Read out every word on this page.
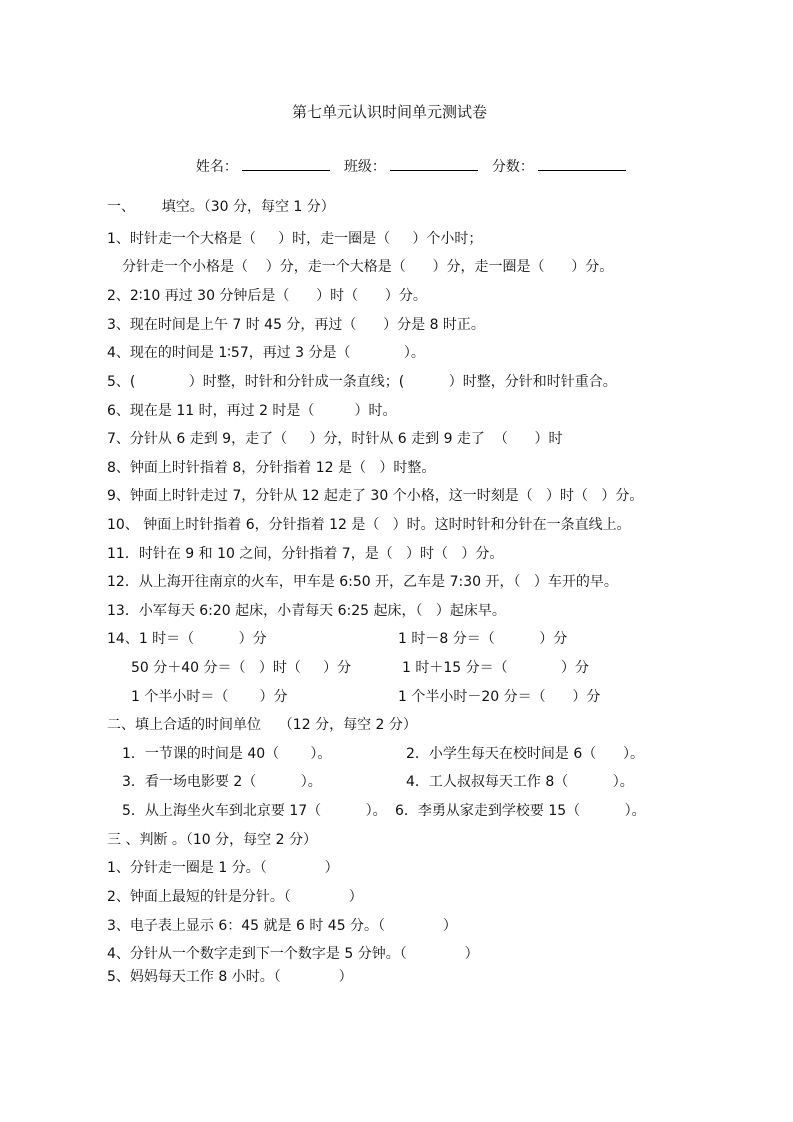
第七单元认识时间单元测试卷

姓名：	班级：	分数：

一、      填空。（30 分，每空 1 分）
1、时针走一个大格是（     ）时，走一圈是（     ）个小时；
分针走一个小格是（    ）分，走一个大格是（      ）分，走一圈是（      ）分。
2、2∶10 再过 30 分钟后是（      ）时（      ）分。
3、现在时间是上午 7 时 45 分，再过（      ）分是 8 时正。
4、现在的时间是 1∶57，再过 3 分是（            ）。
5、(            ）时整，时针和分针成一条直线；(          ）时整，分针和时针重合。
6、现在是 11 时，再过 2 时是（         ）时。
7、分针从 6 走到 9，走了（     ）分，时针从 6 走到 9 走了  （      ）时
8、钟面上时针指着 8，分针指着 12 是（   ）时整。
9、钟面上时针走过 7，分针从 12 起走了 30 个小格，这一时刻是（   ）时（   ）分。
10、 钟面上时针指着 6，分针指着 12 是（   ）时。这时时针和分针在一条直线上。
11．时针在 9 和 10 之间，分针指着 7，是（   ）时（   ）分。
12．从上海开往南京的火车，甲车是 6:50 开，乙车是 7:30 开，（   ）车开的早。
13．小军每天 6:20 起床，小青每天 6:25 起床，（   ）起床早。
14、1 时＝（          ）分	1 时－8 分＝（          ）分
50 分＋40 分＝（   ）时（     ）分	1 时＋15 分＝（            ）分
1 个半小时＝（       ）分	1 个半小时－20 分＝（      ）分
二、填上合适的时间单位    （12 分，每空 2 分）
1．一节课的时间是 40（       ）。	2．小学生每天在校时间是 6（      ）。
3．看一场电影要 2（          ）。	4．工人叔叔每天工作 8（          ）。
5．从上海坐火车到北京要 17（          ）。 6．李勇从家走到学校要 15（          ）。
三 、判断 。（10 分，每空 2 分）
1、分针走一圈是 1 分。（             ）
2、钟面上最短的针是分针。（             ）
3、电子表上显示 6：45 就是 6 时 45 分。（             ）
4、分针从一个数字走到下一个数字是 5 分钟。（             ）
5、妈妈每天工作 8 小时。（             ）
